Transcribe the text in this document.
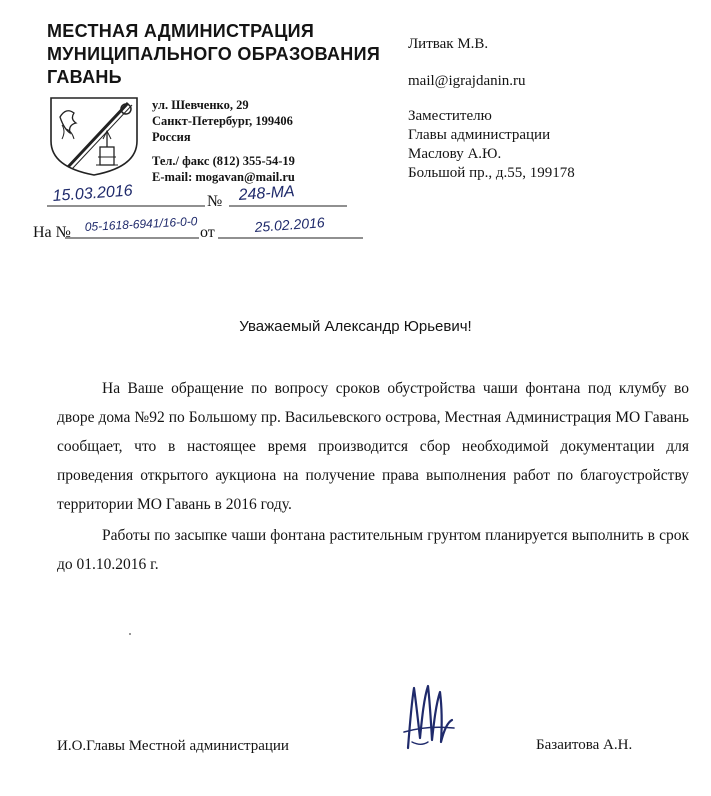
МЕСТНАЯ АДМИНИСТРАЦИЯ
МУНИЦИПАЛЬНОГО ОБРАЗОВАНИЯ
ГАВАНЬ
ул. Шевченко, 29
Санкт-Петербург, 199406
Россия
Тел./ факс (812) 355-54-19
E-mail: mogavan@mail.ru
Литвак М.В.
mail@igrajdanin.ru
Заместителю
Главы администрации
Маслову А.Ю.
Большой пр., д.55, 199178
15.03.2016	№ 248-МА
На № 05-1618-6941/16-0-0 от	25.02.2016
Уважаемый Александр Юрьевич!

На Ваше обращение по вопросу сроков обустройства чаши фонтана под клумбу во дворе дома №92 по Большому пр. Васильевского острова, Местная Администрация МО Гавань сообщает, что в настоящее время производится сбор необходимой документации для проведения открытого аукциона на получение права выполнения работ по благоустройству территории МО Гавань в 2016 году.

Работы по засыпке чаши фонтана растительным грунтом планируется выполнить в срок до 01.10.2016 г.

И.О.Главы Местной администрации	Базаитова А.Н.
